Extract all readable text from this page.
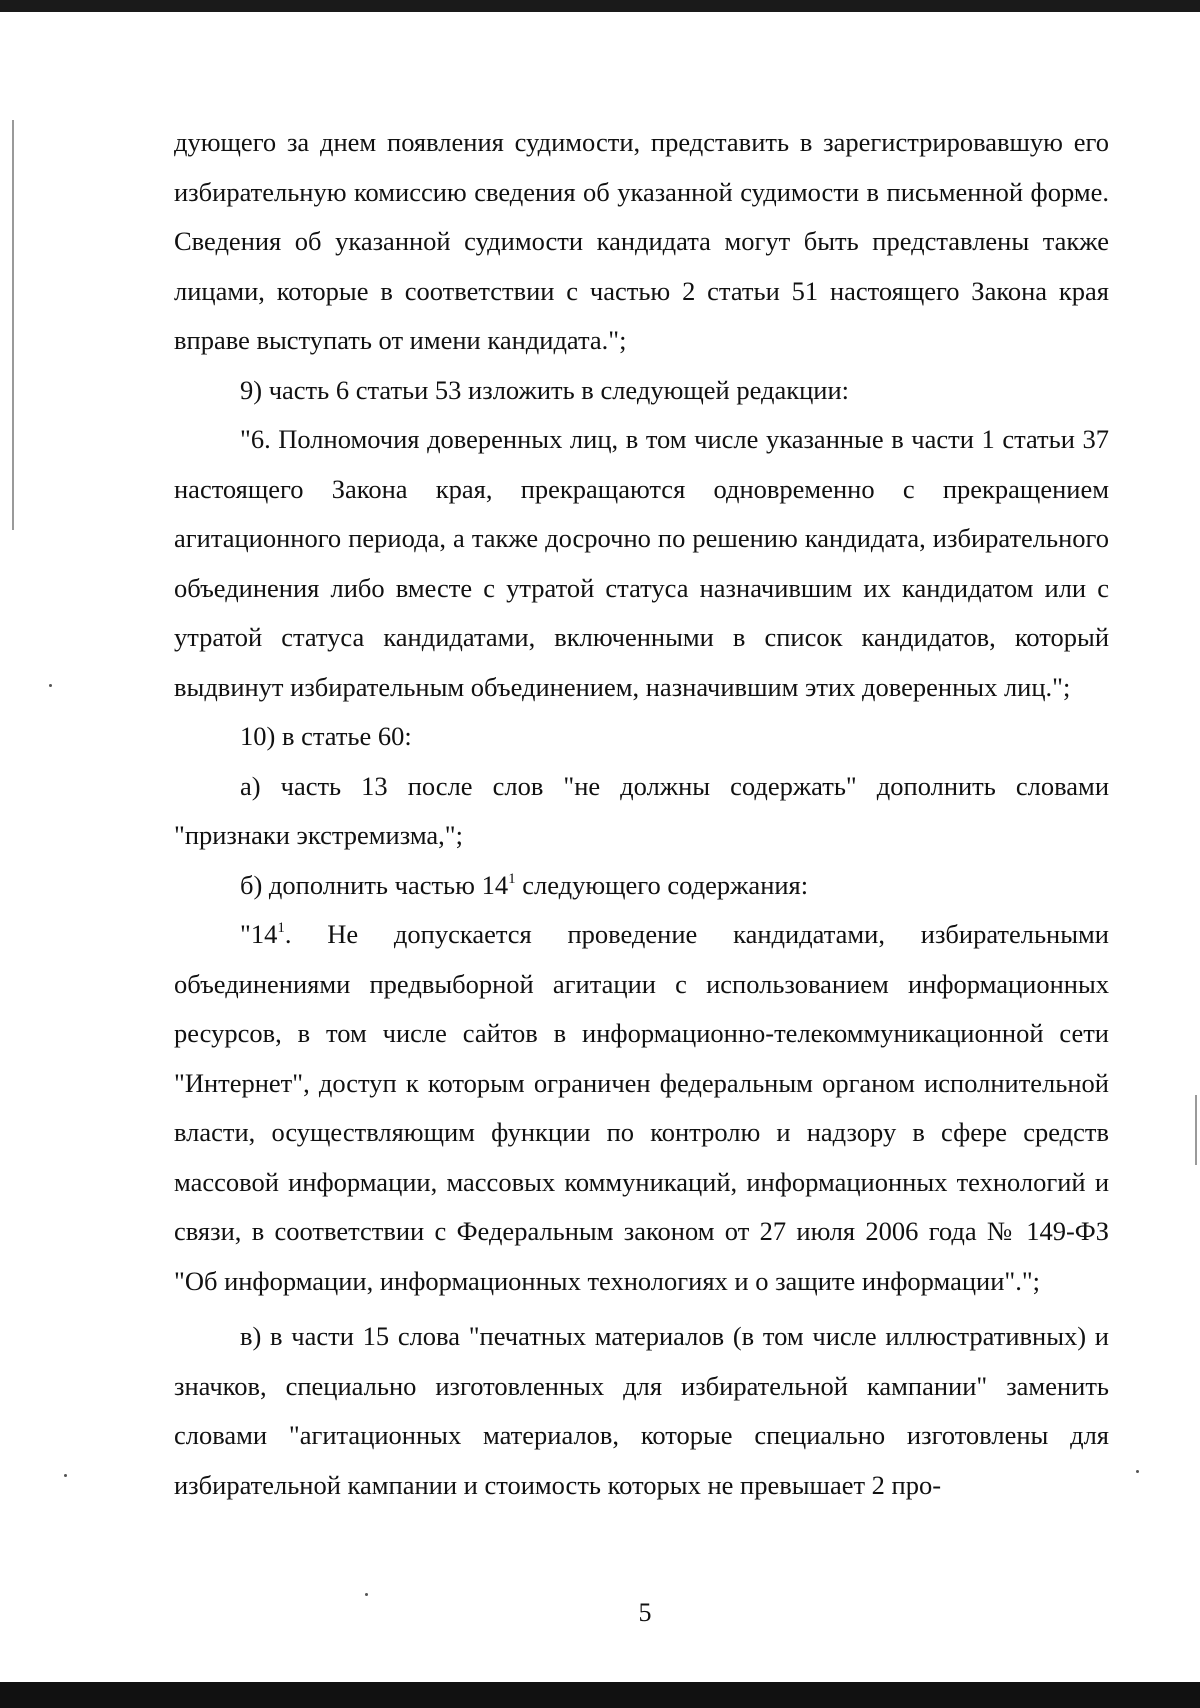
дующего за днем появления судимости, представить в зарегистрировавшую его избирательную комиссию сведения об указанной судимости в письменной форме. Сведения об указанной судимости кандидата могут быть представлены также лицами, которые в соответствии с частью 2 статьи 51 настоящего Закона края вправе выступать от имени кандидата.";

9) часть 6 статьи 53 изложить в следующей редакции:

"6. Полномочия доверенных лиц, в том числе указанные в части 1 статьи 37 настоящего Закона края, прекращаются одновременно с прекращением агитационного периода, а также досрочно по решению кандидата, избирательного объединения либо вместе с утратой статуса назначившим их кандидатом или с утратой статуса кандидатами, включенными в список кандидатов, который выдвинут избирательным объединением, назначившим этих доверенных лиц.";

10) в статье 60:

а) часть 13 после слов "не должны содержать" дополнить словами "признаки экстремизма,";

б) дополнить частью $14^1$ следующего содержания:

"$14^1$. Не допускается проведение кандидатами, избирательными объединениями предвыборной агитации с использованием информационных ресурсов, в том числе сайтов в информационно-телекоммуникационной сети "Интернет", доступ к которым ограничен федеральным органом исполнительной власти, осуществляющим функции по контролю и надзору в сфере средств массовой информации, массовых коммуникаций, информационных технологий и связи, в соответствии с Федеральным законом от 27 июля 2006 года № 149-ФЗ "Об информации, информационных технологиях и о защите информации".";

в) в части 15 слова "печатных материалов (в том числе иллюстративных) и значков, специально изготовленных для избирательной кампании" заменить словами "агитационных материалов, которые специально изготовлены для избирательной кампании и стоимость которых не превышает 2 про-

5
